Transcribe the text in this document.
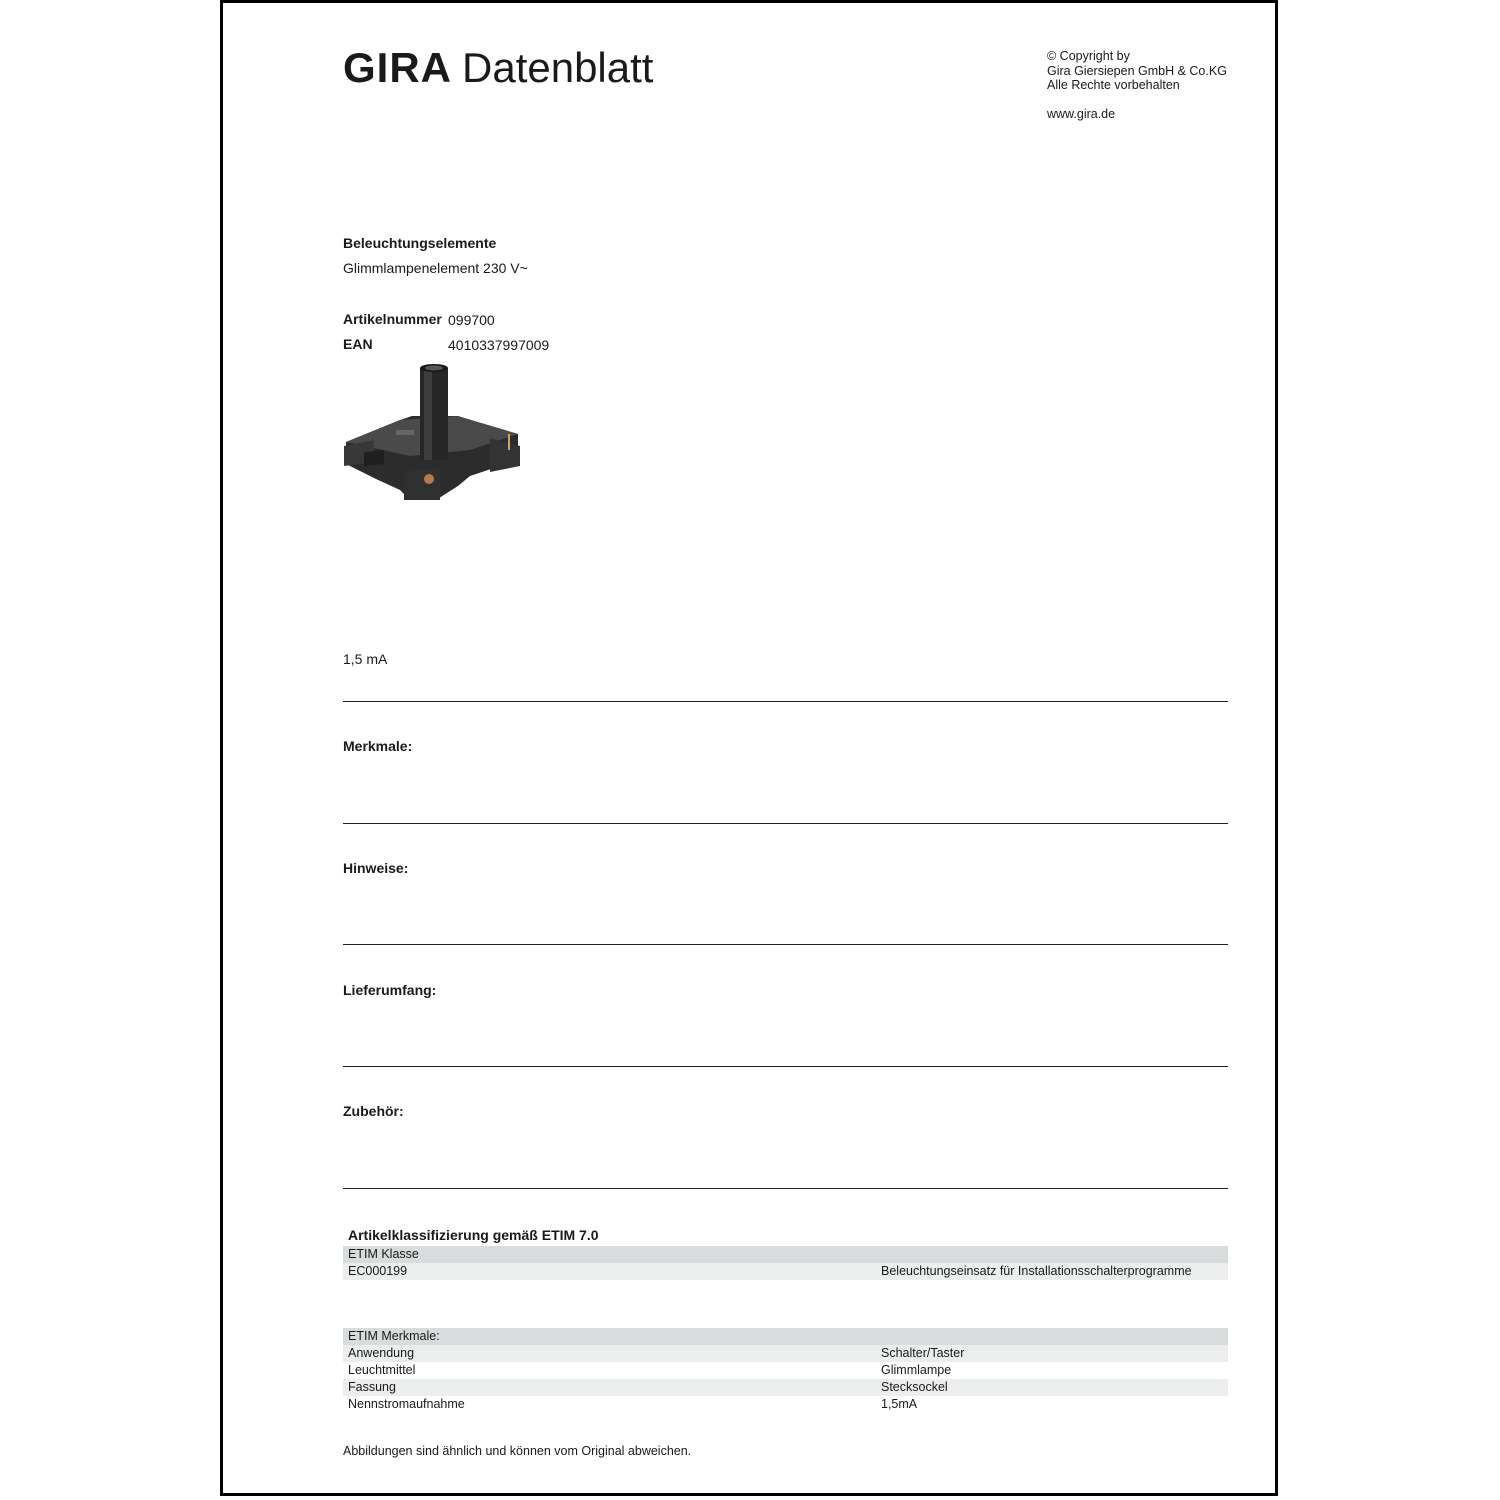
GIRA Datenblatt	© Copyright by
Gira Giersiepen GmbH & Co.KG
Alle Rechte vorbehalten
www.gira.de
Beleuchtungselemente
Glimmlampenelement 230 V~
Artikelnummer 099700
EAN	4010337997009
1,5 mA
Merkmale:
Hinweise:
Lieferumfang:
Zubehör:
Artikelklassifizierung gemäß ETIM 7.0
ETIM Klasse
EC000199	Beleuchtungseinsatz für Installationsschalterprogramme
ETIM Merkmale:
Anwendung	Schalter/Taster
Leuchtmittel	Glimmlampe
Fassung	Stecksockel
Nennstromaufnahme	1,5mA
Abbildungen sind ähnlich und können vom Original abweichen.
